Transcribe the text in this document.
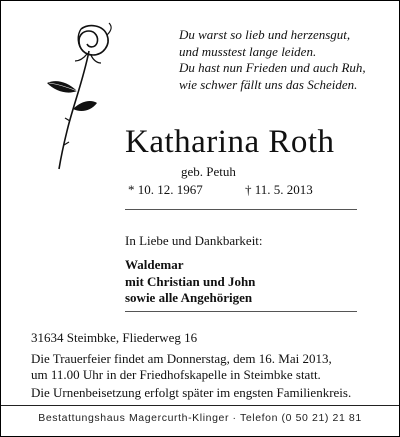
Du warst so lieb und herzensgut,
und musstest lange leiden.
Du hast nun Frieden und auch Ruh,
wie schwer fällt uns das Scheiden.
Katharina Roth
geb. Petuh
* 10. 12. 1967	† 11. 5. 2013
In Liebe und Dankbarkeit:
Waldemar
mit Christian und John
sowie alle Angehörigen
31634 Steimbke, Fliederweg 16
Die Trauerfeier findet am Donnerstag, dem 16. Mai 2013,
um 11.00 Uhr in der Friedhofskapelle in Steimbke statt.
Die Urnenbeisetzung erfolgt später im engsten Familienkreis.
Bestattungshaus Magercurth-Klinger · Telefon (0 50 21) 21 81
